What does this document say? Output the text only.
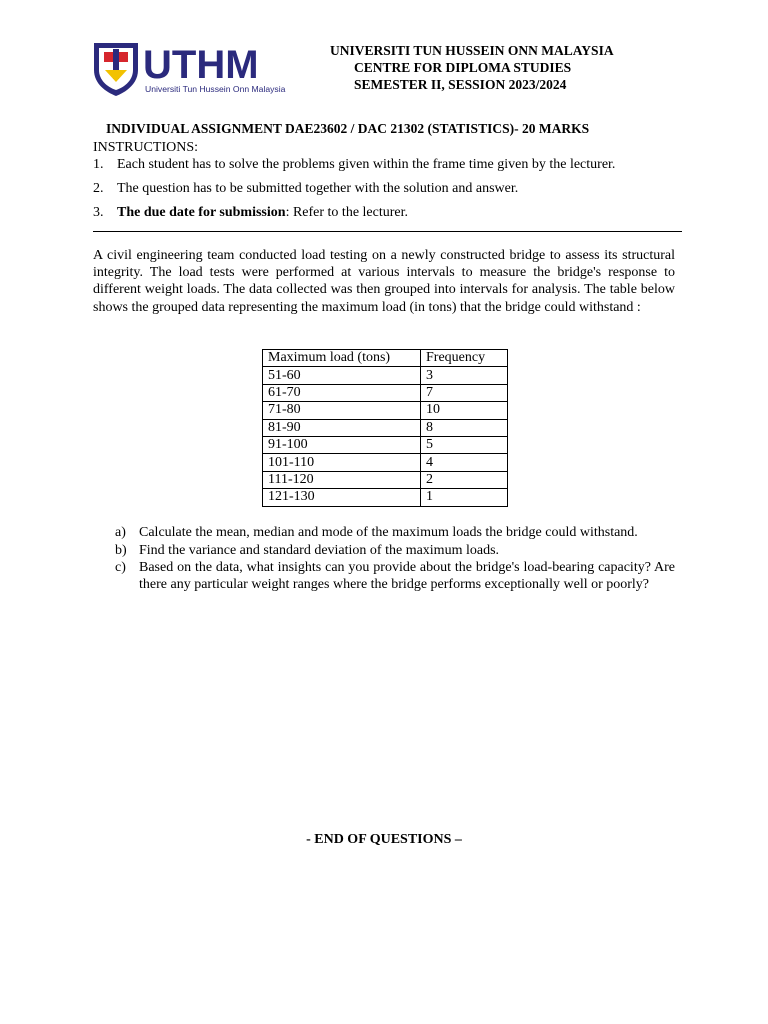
UTHM
Universiti Tun Hussein Onn Malaysia
UNIVERSITI TUN HUSSEIN ONN MALAYSIA
CENTRE FOR DIPLOMA STUDIES
SEMESTER II, SESSION 2023/2024
INDIVIDUAL ASSIGNMENT DAE23602 / DAC 21302 (STATISTICS)- 20 MARKS
INSTRUCTIONS:
1. Each student has to solve the problems given within the frame time given by the lecturer.
2. The question has to be submitted together with the solution and answer.
3. The due date for submission: Refer to the lecturer.
A civil engineering team conducted load testing on a newly constructed bridge to assess its structural integrity. The load tests were performed at various intervals to measure the bridge's response to different weight loads. The data collected was then grouped into intervals for analysis. The table below shows the grouped data representing the maximum load (in tons) that the bridge could withstand :
Maximum load (tons)	Frequency
51-60	3
61-70	7
71-80	10
81-90	8
91-100	5
101-110	4
111-120	2
121-130	1
a) Calculate the mean, median and mode of the maximum loads the bridge could withstand.
b) Find the variance and standard deviation of the maximum loads.
c) Based on the data, what insights can you provide about the bridge's load-bearing capacity? Are there any particular weight ranges where the bridge performs exceptionally well or poorly?
- END OF QUESTIONS –
